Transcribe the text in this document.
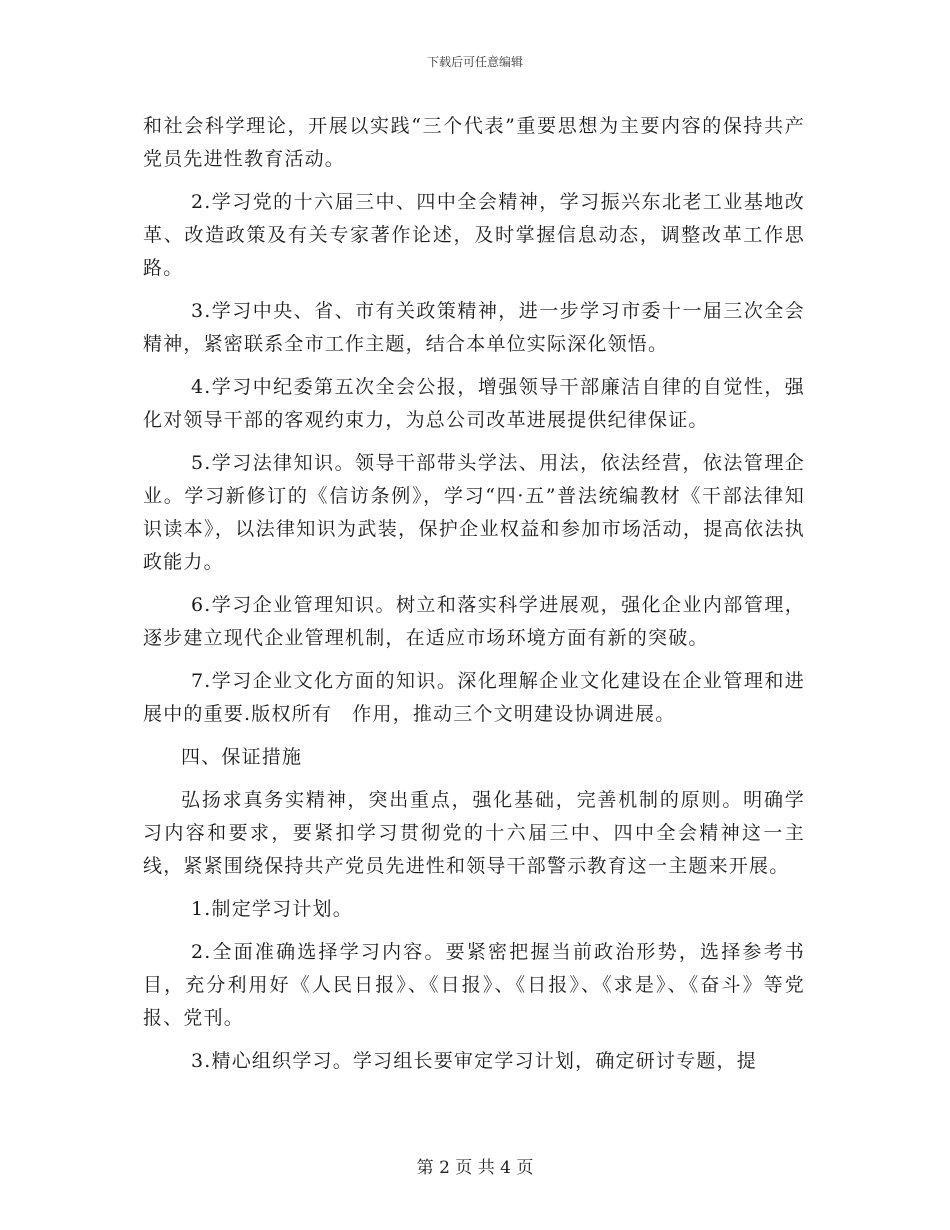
下载后可任意编辑

和社会科学理论，开展以实践“三个代表”重要思想为主要内容的保持共产党员先进性教育活动。

2.学习党的十六届三中、四中全会精神，学习振兴东北老工业基地改革、改造政策及有关专家著作论述，及时掌握信息动态，调整改革工作思路。

3.学习中央、省、市有关政策精神，进一步学习市委十一届三次全会精神，紧密联系全市工作主题，结合本单位实际深化领悟。

4.学习中纪委第五次全会公报，增强领导干部廉洁自律的自觉性，强化对领导干部的客观约束力，为总公司改革进展提供纪律保证。

5.学习法律知识。领导干部带头学法、用法，依法经营，依法管理企业。学习新修订的《信访条例》，学习“四·五”普法统编教材《干部法律知识读本》，以法律知识为武装，保护企业权益和参加市场活动，提高依法执政能力。

6.学习企业管理知识。树立和落实科学进展观，强化企业内部管理，逐步建立现代企业管理机制，在适应市场环境方面有新的突破。

7.学习企业文化方面的知识。深化理解企业文化建设在企业管理和进展中的重要.版权所有　作用，推动三个文明建设协调进展。

四、保证措施

弘扬求真务实精神，突出重点，强化基础，完善机制的原则。明确学习内容和要求，要紧扣学习贯彻党的十六届三中、四中全会精神这一主线，紧紧围绕保持共产党员先进性和领导干部警示教育这一主题来开展。

1.制定学习计划。

2.全面准确选择学习内容。要紧密把握当前政治形势，选择参考书目，充分利用好《人民日报》、《日报》、《日报》、《求是》、《奋斗》等党报、党刊。

3.精心组织学习。学习组长要审定学习计划，确定研讨专题，提

第 2 页 共 4 页
